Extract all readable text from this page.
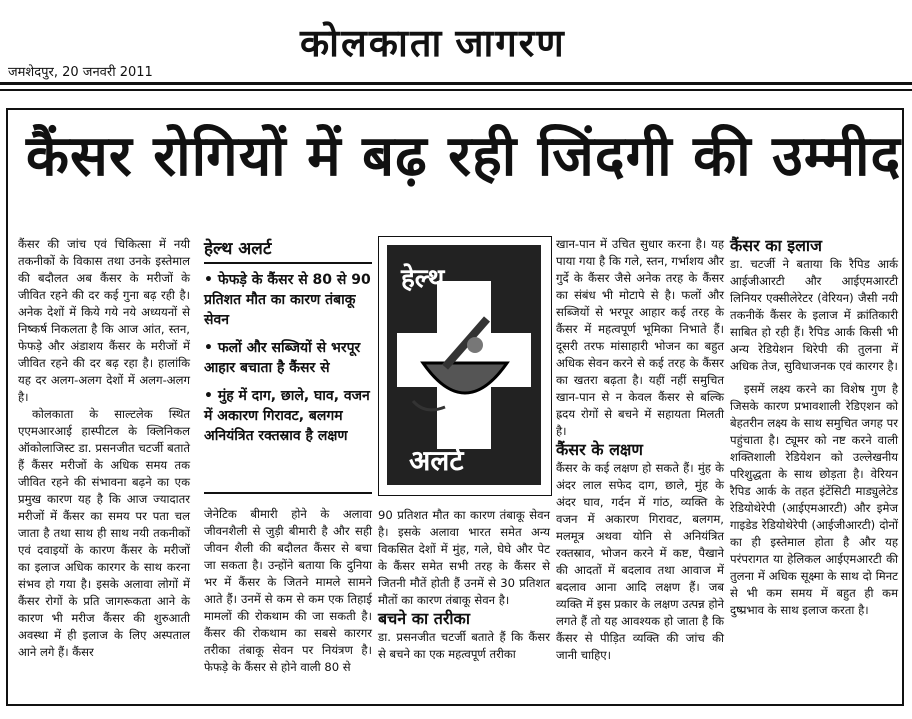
कोलकाता जागरण
जमशेदपुर, 20 जनवरी 2011
कैंसर रोगियों में बढ़ रही जिंदगी की उम्मीद

कैंसर की जांच एवं चिकित्सा में नयी तकनीकों के विकास तथा उनके इस्तेमाल की बदौलत अब कैंसर के मरीजों के जीवित रहने की दर कई गुना बढ़ रही है। अनेक देशों में किये गये नये अध्ययनों से निष्कर्ष निकलता है कि आज आंत, स्तन, फेफड़े और अंडाशय कैंसर के मरीजों में जीवित रहने की दर बढ़ रहा है। हालांकि यह दर अलग-अलग देशों में अलग-अलग है।

कोलकाता के साल्टलेक स्थित एएमआरआई हास्पीटल के क्लिनिकल ऑकोलाजिस्ट डा. प्रसनजीत चटर्जी बताते हैं कैंसर मरीजों के अधिक समय तक जीवित रहने की संभावना बढ़ने का एक प्रमुख कारण यह है कि आज ज्यादातर मरीजों में कैंसर का समय पर पता चल जाता है तथा साथ ही साथ नयी तकनीकों एवं दवाइयों के कारण कैंसर के मरीजों का इलाज अधिक कारगर के साथ करना संभव हो गया है। इसके अलावा लोगों में कैंसर रोगों के प्रति जागरूकता आने के कारण भी मरीज कैंसर की शुरुआती अवस्था में ही इलाज के लिए अस्पताल आने लगे हैं। कैंसर

हेल्थ अलर्ट
• फेफड़े के कैंसर से 80 से 90 प्रतिशत मौत का कारण तंबाकू सेवन
• फलों और सब्जियों से भरपूर आहार बचाता है कैंसर से
• मुंह में दाग, छाले, घाव, वजन में अकारण गिरावट, बलगम अनियंत्रित रक्तस्राव है लक्षण

जेनेटिक बीमारी होने के अलावा जीवनशैली से जुड़ी बीमारी है और सही जीवन शैली की बदौलत कैंसर से बचा जा सकता है। उन्होंने बताया कि दुनिया भर में कैंसर के जितने मामले सामने आते हैं। उनमें से कम से कम एक तिहाई मामलों की रोकथाम की जा सकती है। कैंसर की रोकथाम का सबसे कारगर तरीका तंबाकू सेवन पर नियंत्रण है। फेफड़े के कैंसर से होने वाली 80 से

हेल्थ
अलर्ट

90 प्रतिशत मौत का कारण तंबाकू सेवन है। इसके अलावा भारत समेत अन्य विकसित देशों में मुंह, गले, घेघे और पेट के कैंसर समेत सभी तरह के कैंसर से जितनी मौतें होती हैं उनमें से 30 प्रतिशत मौतों का कारण तंबाकू सेवन है।

बचने का तरीका

डा. प्रसनजीत चटर्जी बताते हैं कि कैंसर से बचने का एक महत्वपूर्ण तरीका

खान-पान में उचित सुधार करना है। यह पाया गया है कि गले, स्तन, गर्भाशय और गुर्दे के कैंसर जैसे अनेक तरह के कैंसर का संबंध भी मोटापे से है। फलों और सब्जियों से भरपूर आहार कई तरह के कैंसर में महत्वपूर्ण भूमिका निभाते हैं। दूसरी तरफ मांसाहारी भोजन का बहुत अधिक सेवन करने से कई तरह के कैंसर का खतरा बढ़ता है। यहीं नहीं समुचित खान-पान से न केवल कैंसर से बल्कि ह्रदय रोगों से बचने में सहायता मिलती है।

कैंसर के लक्षण

कैंसर के कई लक्षण हो सकते हैं। मुंह के अंदर लाल सफेद दाग, छाले, मुंह के अंदर घाव, गर्दन में गांठ, व्यक्ति के वजन में अकारण गिरावट, बलगम, मलमूत्र अथवा योनि से अनियंत्रित रक्तस्राव, भोजन करने में कष्ट, पैखाने की आदतों में बदलाव तथा आवाज में बदलाव आना आदि लक्षण हैं। जब व्यक्ति में इस प्रकार के लक्षण उत्पन्न होने लगते हैं तो यह आवश्यक हो जाता है कि कैंसर से पीड़ित व्यक्ति की जांच की जानी चाहिए।

कैंसर का इलाज

डा. चटर्जी ने बताया कि रैपिड आर्क आईजीआरटी और आईएमआरटी लिनियर एक्सीलेरेटर (वेरियन) जैसी नयी तकनीकें कैंसर के इलाज में क्रांतिकारी साबित हो रही हैं। रैपिड आर्क किसी भी अन्य रेडियेशन थिरेपी की तुलना में अधिक तेज, सुविधाजनक एवं कारगर है।

इसमें लक्ष्य करने का विशेष गुण है जिसके कारण प्रभावशाली रेडिएशन को बेहतरीन लक्ष्य के साथ समुचित जगह पर पहुंचाता है। ट्यूमर को नष्ट करने वाली शक्तिशाली रेडियेशन को उल्लेखनीय परिशुद्धता के साथ छोड़ता है। वेरियन रैपिड आर्क के तहत इंटेंसिटी माड्युलेटेड रेडियोथेरेपी (आईएमआरटी) और इमेज गाइडेड रेडियोथेरेपी (आईजीआरटी) दोनों का ही इस्तेमाल होता है और यह परंपरागत या हेलिकल आईएमआरटी की तुलना में अधिक सूक्ष्मा के साथ दो मिनट से भी कम समय में बहुत ही कम दुष्प्रभाव के साथ इलाज करता है।
